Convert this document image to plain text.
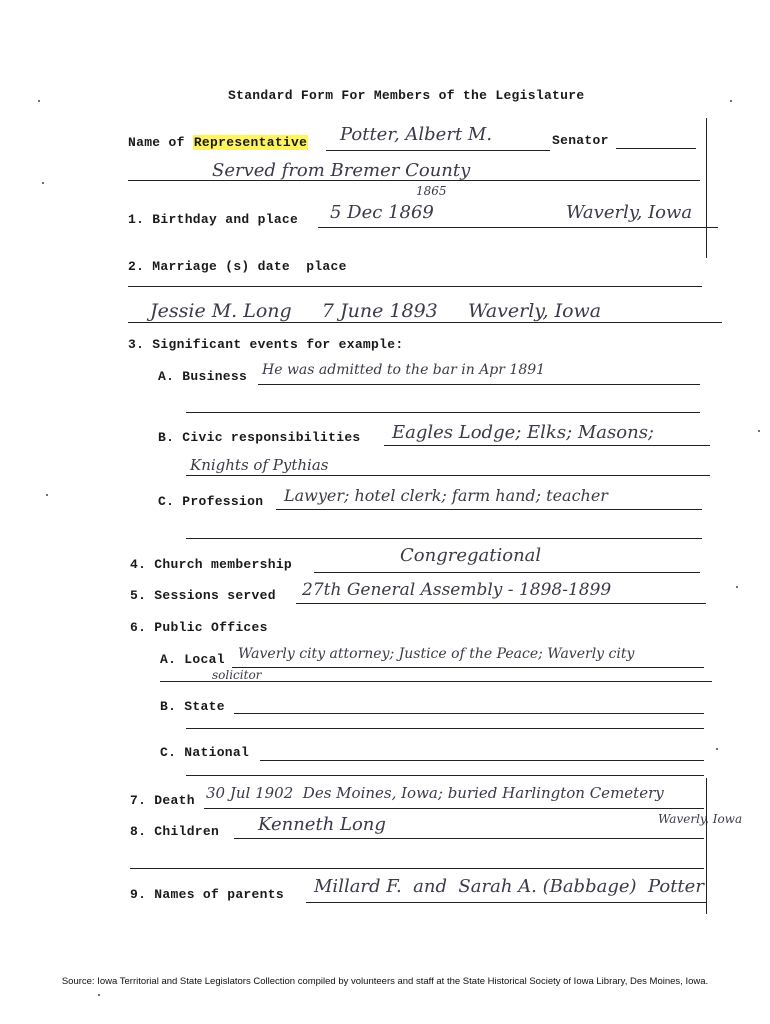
Standard Form For Members of the Legislature
Name of Representative Potter, Albert M.	Senator
Served from Bremer County
1865
1. Birthday and place 5 Dec 1869	Waverly, Iowa
2. Marriage (s) date  place
Jessie M. Long     7 June 1893     Waverly, Iowa
3. Significant events for example:
A. Business He was admitted to the bar in Apr 1891
B. Civic responsibilities Eagles Lodge; Elks; Masons;
Knights of Pythias
C. Profession Lawyer; hotel clerk; farm hand; teacher
4. Church membership	Congregational
5. Sessions served 27th General Assembly - 1898-1899
6. Public Offices
A. Local Waverly city attorney; Justice of the Peace; Waverly city
solicitor
B. State
C. National
7. Death 30 Jul 1902  Des Moines, Iowa; buried Harlington Cemetery
Waverly, Iowa
8. Children Kenneth Long
9. Names of parents Millard F.  and  Sarah A. (Babbage)  Potter
Source: Iowa Territorial and State Legislators Collection compiled by volunteers and staff at the State Historical Society of Iowa Library, Des Moines, Iowa.
